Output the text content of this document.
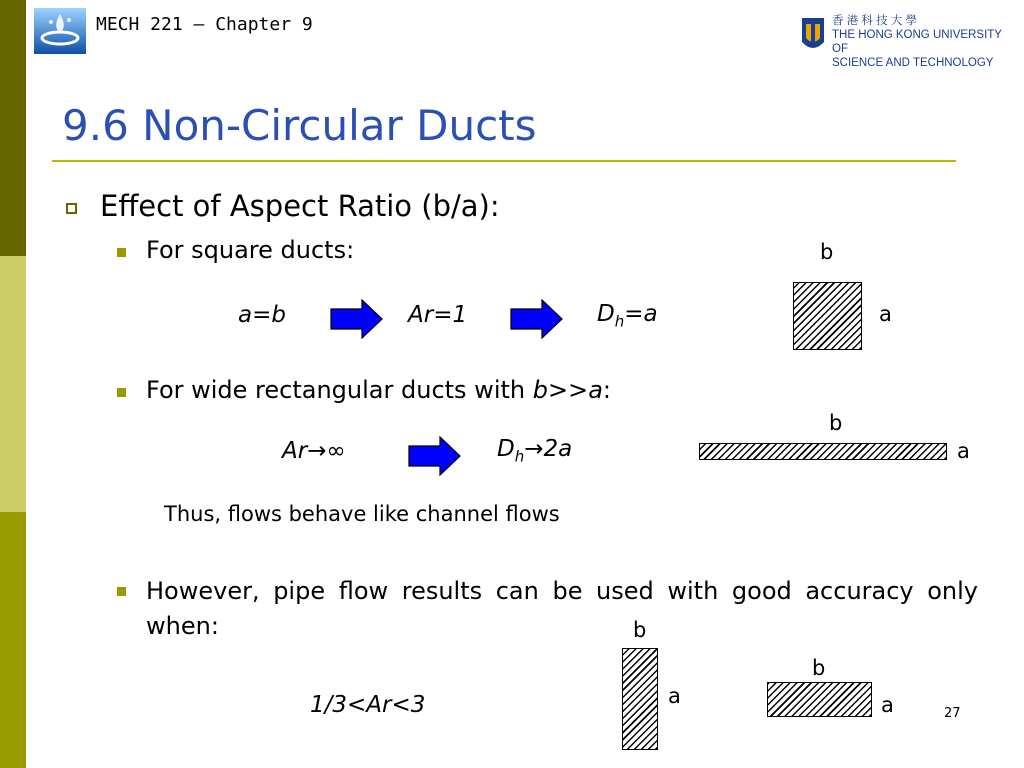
MECH 221 – Chapter 9	香 港 科 技 大 學
THE HONG KONG UNIVERSITY OF
SCIENCE AND TECHNOLOGY
9.6 Non-Circular Ducts
Effect of Aspect Ratio (b/a):
For square ducts:
a=b	Ar=1	$D_h=a$
b
a
For wide rectangular ducts with b>>a:
Ar→∞	$D_h\to 2a$
b
a
Thus, flows behave like channel flows
However, pipe flow results can be used with good accuracy only when:
1/3<Ar<3
b
a
b
a	27
